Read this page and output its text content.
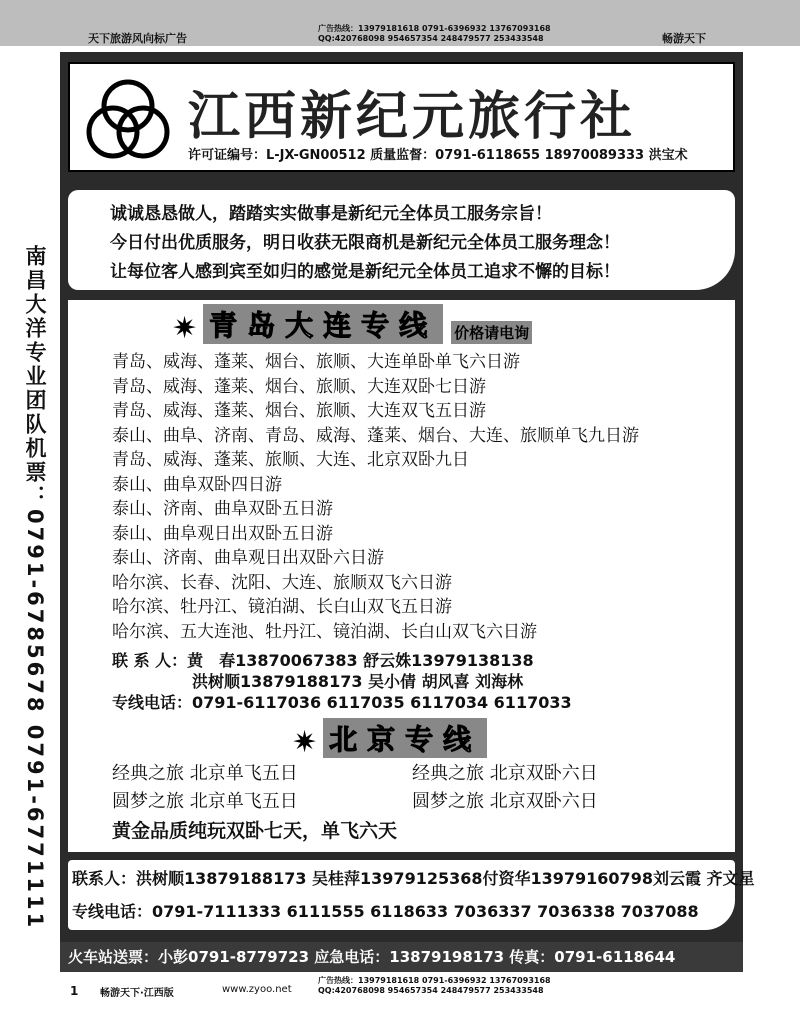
天下旅游风向标广告
广告热线：13979181618 0791-6396932 13767093168
QQ:420768098 954657354 248479577 253433548	畅游天下
南昌大洋专业团队机票：0791-6785678 0791-6771111
江西新纪元旅行社
许可证编号：L-JX-GN00512 质量监督：0791-6118655 18970089333 洪宝术
诚诚恳恳做人，踏踏实实做事是新纪元全体员工服务宗旨！
今日付出优质服务，明日收获无限商机是新纪元全体员工服务理念！
让每位客人感到宾至如归的感觉是新纪元全体员工追求不懈的目标！
✷ 青岛大连专线	价格请电询
青岛、威海、蓬莱、烟台、旅顺、大连单卧单飞六日游
青岛、威海、蓬莱、烟台、旅顺、大连双卧七日游
青岛、威海、蓬莱、烟台、旅顺、大连双飞五日游
泰山、曲阜、济南、青岛、威海、蓬莱、烟台、大连、旅顺单飞九日游
青岛、威海、蓬莱、旅顺、大连、北京双卧九日
泰山、曲阜双卧四日游
泰山、济南、曲阜双卧五日游
泰山、曲阜观日出双卧五日游
泰山、济南、曲阜观日出双卧六日游
哈尔滨、长春、沈阳、大连、旅顺双飞六日游
哈尔滨、牡丹江、镜泊湖、长白山双飞五日游
哈尔滨、五大连池、牡丹江、镜泊湖、长白山双飞六日游
联 系 人：黄　春13870067383 舒云姝13979138138
　　　　　洪树顺13879188173 吴小倩 胡风喜 刘海林
专线电话：0791-6117036 6117035 6117034 6117033
✷ 北京专线
经典之旅 北京单飞五日	经典之旅 北京双卧六日
圆梦之旅 北京单飞五日	圆梦之旅 北京双卧六日
黄金品质纯玩双卧七天，单飞六天
联系人：洪树顺13879188173 吴桂萍13979125368付资华13979160798刘云霞 齐文星
专线电话：0791-7111333 6111555 6118633 7036337 7036338 7037088
火车站送票：小彭0791-8779723 应急电话：13879198173 传真：0791-6118644
1 畅游天下·江西版	www.zyoo.net
广告热线：13979181618 0791-6396932 13767093168
QQ:420768098 954657354 248479577 253433548
